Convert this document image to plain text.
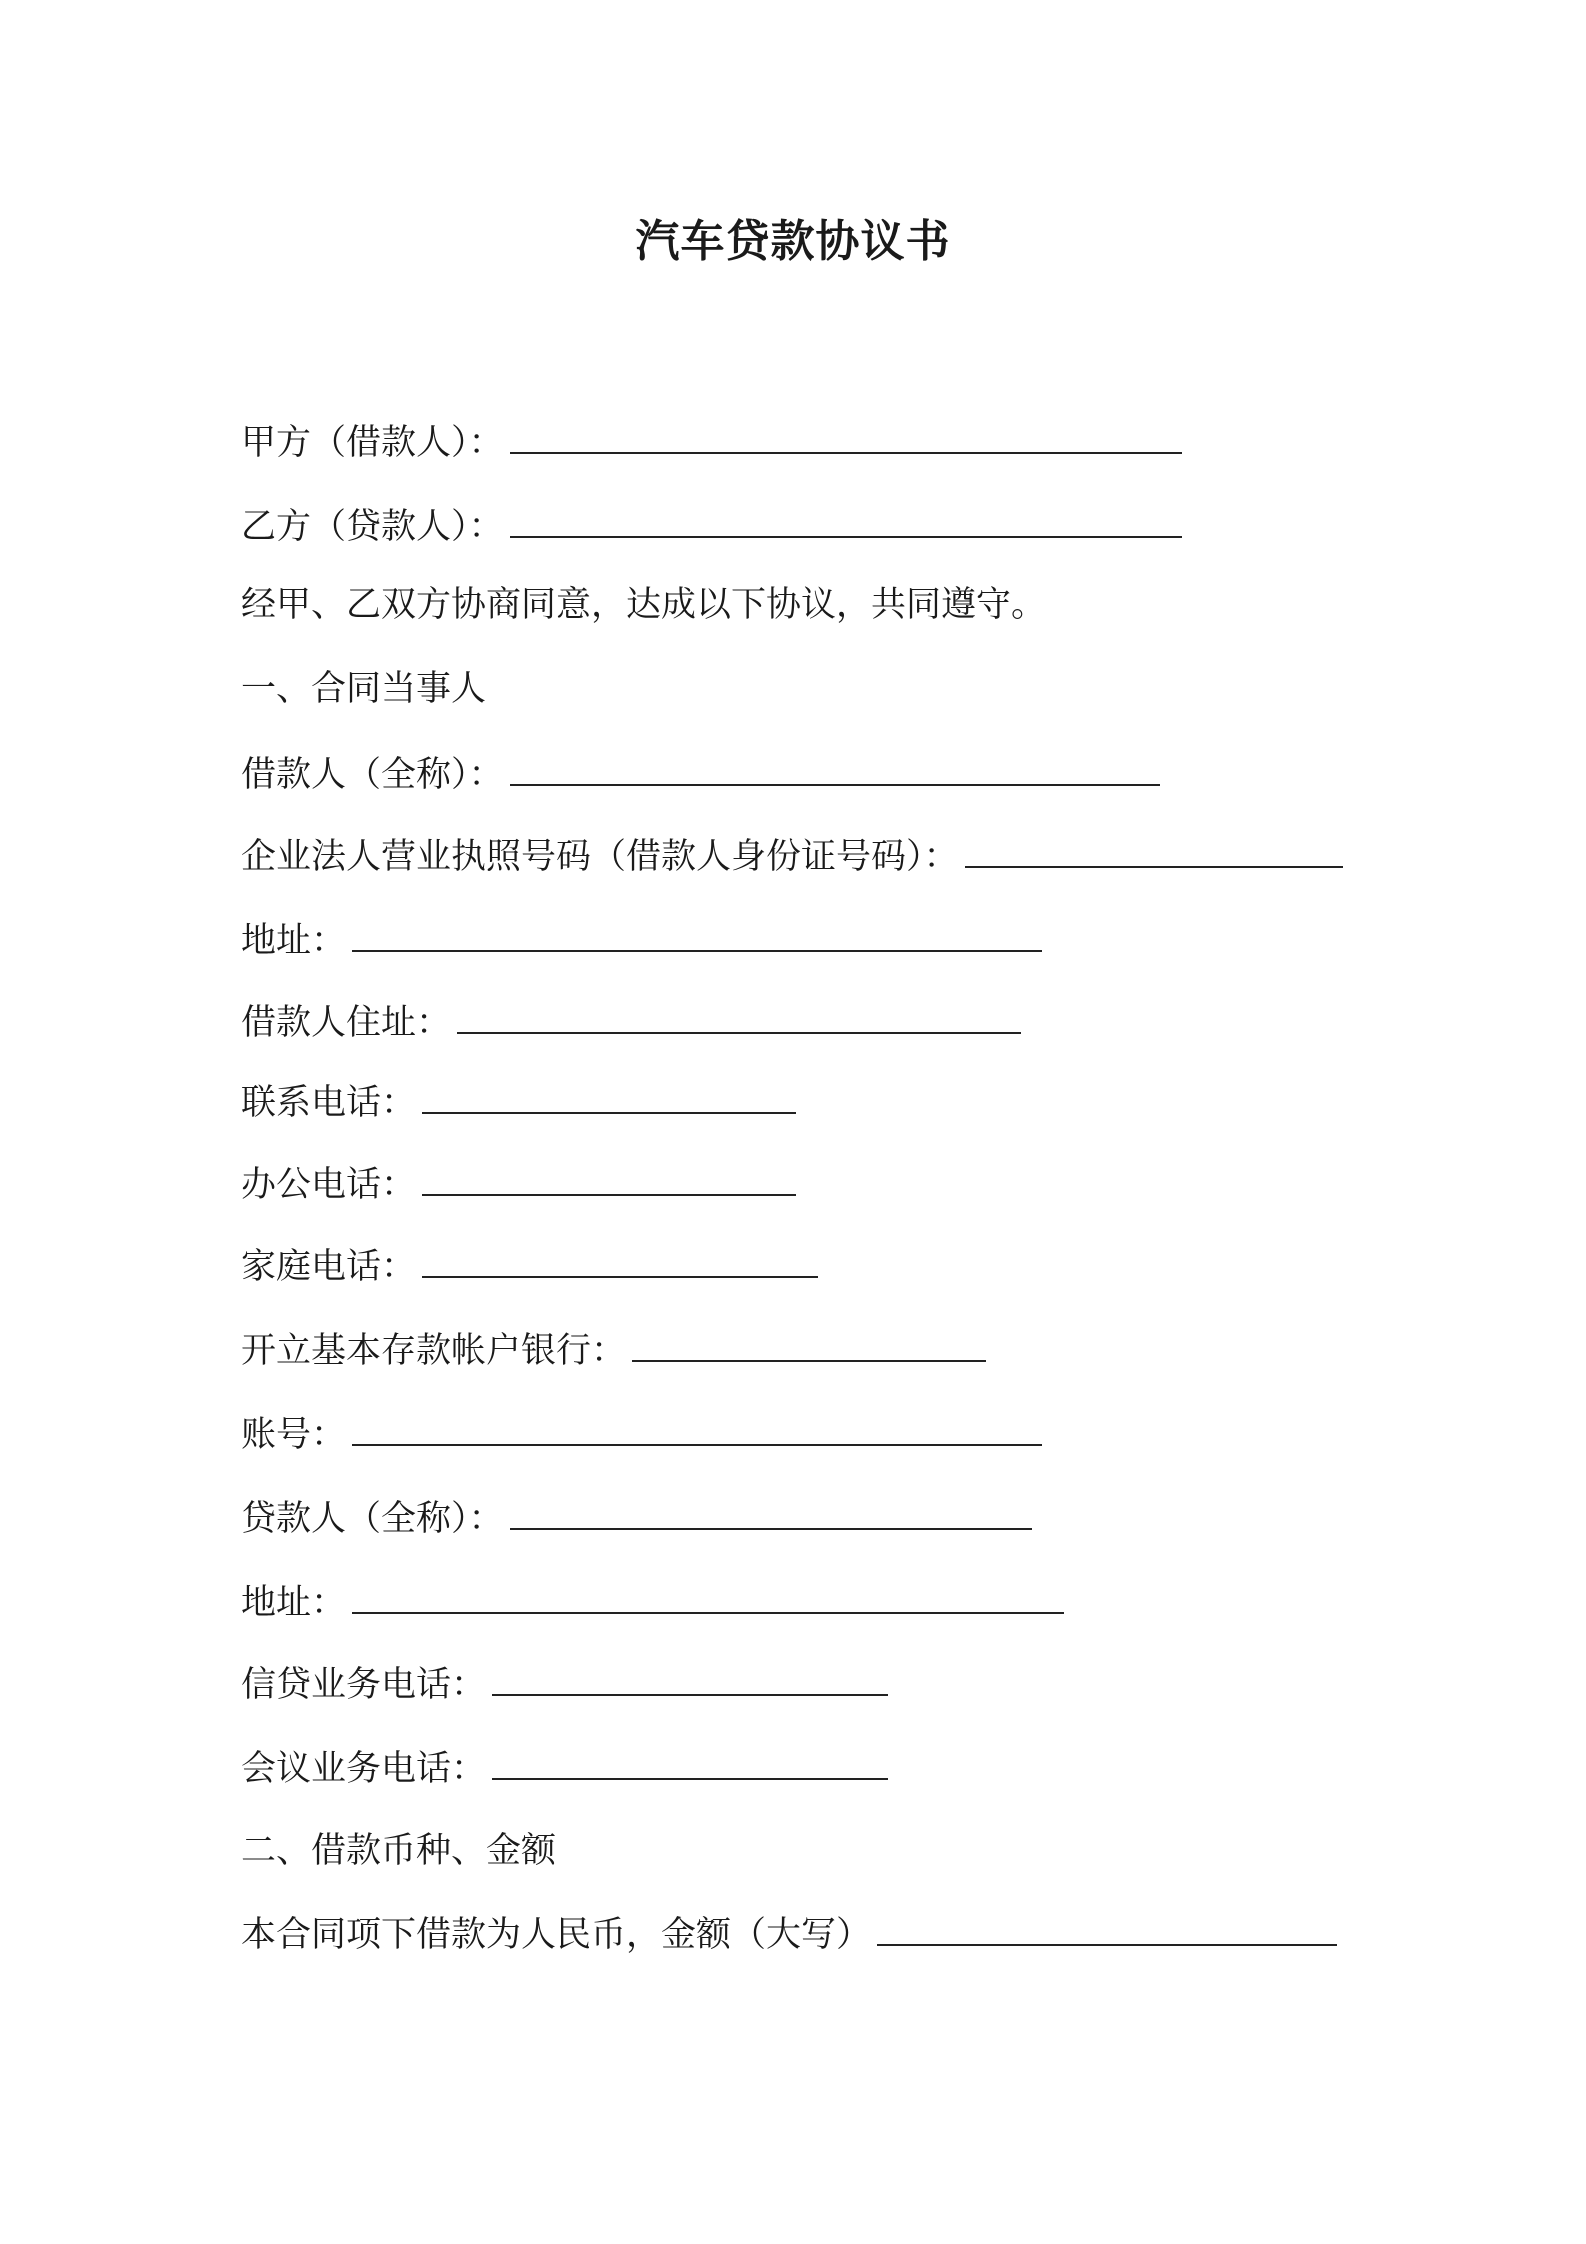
汽车贷款协议书
甲方（借款人）：
乙方（贷款人）：
经甲、乙双方协商同意，达成以下协议，共同遵守。
一、合同当事人
借款人（全称）：
企业法人营业执照号码（借款人身份证号码）：
地址：
借款人住址：
联系电话：
办公电话：
家庭电话：
开立基本存款帐户银行：
账号：
贷款人（全称）：
地址：
信贷业务电话：
会议业务电话：
二、借款币种、金额
本合同项下借款为人民币，金额（大写）
